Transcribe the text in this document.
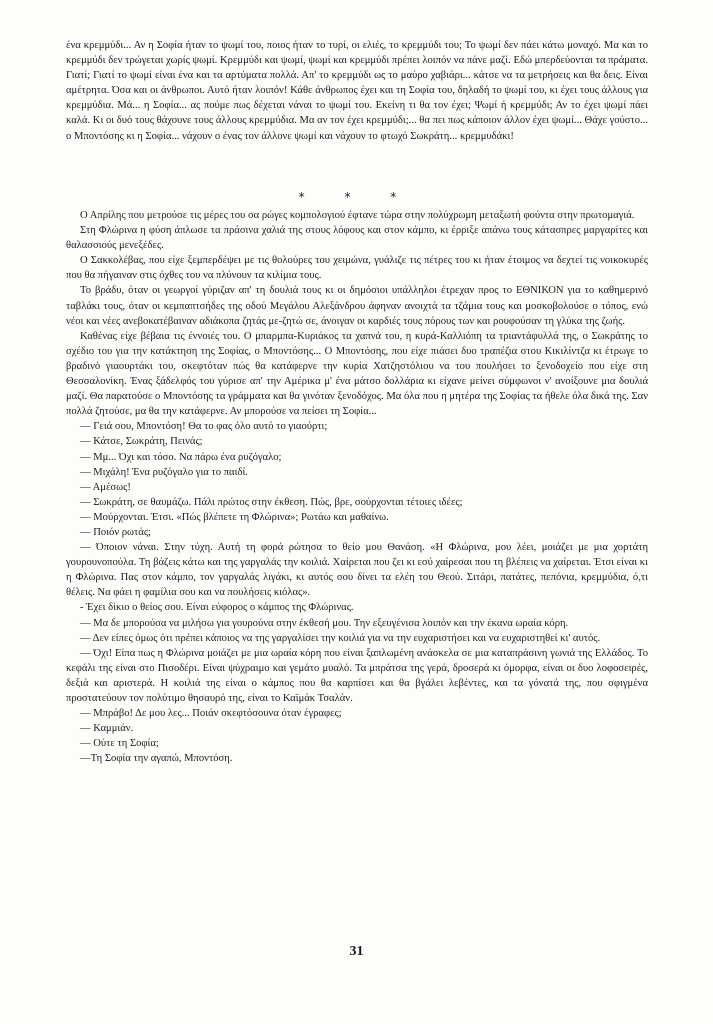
ένα κρεμμύδι... Αν η Σοφία ήταν το ψωμί του, ποιος ήταν το τυρί, οι ελιές, το κρεμμύδι του; Το ψωμί δεν πάει κάτω μοναχό. Μα και το κρεμμύδι δεν τρώγεται χωρίς ψωμί. Κρεμμύδι και ψωμί, ψωμί και κρεμμύδι πρέπει λοιπόν να πάνε μαζί. Εδώ μπερδεύονται τα πράματα. Γιατί; Γιατί το ψωμί είναι ένα και τα αρτύματα πολλά. Απ' το κρεμμύδι ως το μαύρο χαβιάρι... κάτσε να τα μετρήσεις και θα δεις. Είναι αμέτρητα. Όσα και οι άνθρωποι. Αυτό ήταν λοιπόν! Κάθε άνθρωπος έχει και τη Σοφία του, δηλαδή το ψωμί του, κι έχει τους άλλους για κρεμμύδια. Μά... η Σοφία... ας πούμε πως δέχεται νάναι το ψωμί του. Εκείνη τι θα τον έχει; Ψωμί ή κρεμμύδι; Αν το έχει ψωμί πάει καλά. Κι οι δυό τους θάχουνε τους άλλους κρεμμύδια. Μα αν τον έχει κρεμμύδι;... θα πει πως κάποιον άλλον έχει ψωμί... Θάχε γούστο... ο Μποντόσης κι η Σοφία... νάχουν ο ένας τον άλλονε ψωμί και νάχουν το φτωχό Σωκράτη... κρεμμυδάκι!

* * *

Ο Απρίλης που μετρούσε τις μέρες του σα ρώγες κομπολογιού έφτανε τώρα στην πολύχρωμη μεταξωτή φούντα στην πρωτομαγιά.

Στη Φλώρινα η φύση άπλωσε τα πράσινα χαλιά της στους λόφους και στον κάμπο, κι έρριξε απάνω τους κάτασπρες μαργαρίτες και θαλασσιούς μενεξέδες.

Ο Σακκολέβας, που είχε ξεμπερδέψει με τις θολούρες του χειμώνα, γυάλιζε τις πέτρες του κι ήταν έτοιμος να δεχτεί τις νοικοκυρές που θα πήγαιναν στις όχθες του να πλύνουν τα κιλίμια τους.

Το βράδυ, όταν οι γεωργοί γύριζαν απ' τη δουλιά τους κι οι δημόσιοι υπάλληλοι έτρεχαν προς το ΕΘΝΙΚΟΝ για το καθημερινό ταβλάκι τους, όταν οι κεμπαπτσήδες της οδού Μεγάλου Αλεξάνδρου άφηναν ανοιχτά τα τζάμια τους και μοσκοβολούσε ο τόπος, ενώ νέοι και νέες ανεβοκατέβαιναν αδιάκοπα ζητάς με-ζητώ σε, άνοιγαν οι καρδιές τους πόρους των και ρουφούσαν τη γλύκα της ζωής.

Καθένας είχε βέβαια τις έννοιές του. Ο μπαρμπα-Κυριάκος τα χαπνά του, η κυρά-Καλλιόπη τα τριαντάφυλλά της, ο Σωκράτης το σχέδιο του για την κατάκτηση της Σοφίας, ο Μποντόσης... Ο Μποντόσης, που είχε πιάσει δυο τραπέζια στου Κικιλίντζα κι έτρωγε το βραδινό γιαουρτάκι του, σκεφτόταν πώς θα κατάφερνε την κυρία Χατζηστόλιου να του πουλήσει το ξενοδοχείο που είχε στη Θεσσαλονίκη. Ένας ξάδελφός του γύρισε απ' την Αμέρικα μ' ένα μάτσο δολλάρια κι είχανε μείνει σύμφωνοι ν' ανοίξουνε μια δουλιά μαζί. Θα παρατούσε ο Μποντόσης τα γράμματα και θα γινόταν ξενοδόχος. Μα όλα που η μητέρα της Σοφίας τα ήθελε όλα δικά της. Σαν πολλά ζητούσε, μα θα την κατάφερνε. Αν μπορούσε να πείσει τη Σοφία...

— Γειά σου, Μποντόση! Θα το φας όλο αυτό το γιαούρτι;

— Κάτσε, Σωκράτη, Πεινάς;

— Μμ... Όχι και τόσο. Να πάρω ένα ρυζόγαλο;

— Μιχάλη! Ένα ρυζόγαλο για το παιδί.

— Αμέσως!

— Σωκράτη, σε θαυμάζω. Πάλι πρώτος στην έκθεση. Πώς, βρε, σούρχονται τέτοιες ιδέες;

— Μούρχονται. Έτσι. «Πώς βλέπετε τη Φλώρινα»; Ρωτάω και μαθαίνω.

— Ποιόν ρωτάς;

— Όποιον νάναι. Στην τύχη. Αυτή τη φορά ρώτησα το θείο μου Θανάση. «Η Φλώρινα, μου λέει, μοιάζει με μια χορτάτη γουρουνοπούλα. Τη βάζεις κάτω και της γαργαλάς την κοιλιά. Χαίρεται που ζει κι εσύ χαίρεσαι που τη βλέπεις να χαίρεται. Έτσι είναι κι η Φλώρινα. Πας στον κάμπο, τον γαργαλάς λιγάκι, κι αυτός σου δίνει τα ελέη του Θεού. Σιτάρι, πατάτες, πεπόνια, κρεμμύδια, ό,τι θέλεις. Να φάει η φαμίλια σου και να πουλήσεις κιόλας».

- Έχει δίκιο ο θείος σου. Είναι εύφορος ο κάμπος της Φλώρινας.

— Μα δε μπορούσα να μιλήσω για γουρούνα στην έκθεσή μου. Την εξευγένισα λοιπόν και την έκανα ωραία κόρη.

— Δεν είπες όμως ότι πρέπει κάποιος να της γαργαλίσει την κοιλιά για να την ευχαριστήσει και να ευχαριστηθεί κι' αυτός.

— Όχι! Είπα πως η Φλώρινα μοιάζει με μια ωραία κόρη που είναι ξαπλωμένη ανάσκελα σε μια καταπράσινη γωνιά της Ελλάδος. Το κεφάλι της είναι στο Πισοδέρι. Είναι ψύχραιμο και γεμάτο μυαλό. Τα μπράτσα της γερά, δροσερά κι όμορφα, είναι οι δυο λοφοσειρές, δεξιά και αριστερά. Η κοιλιά της είναι ο κάμπος που θα καρπίσει και θα βγάλει λεβέντες, και τα γόνατά της, που σφιγμένα προστατεύουν τον πολύτιμο θησαυρό της, είναι το Καϊμάκ Τσαλάν.

— Μπράβο! Δε μου λες... Ποιάν σκεφτόσουνα όταν έγραφες;

— Καμμιάν.

— Ούτε τη Σοφία;

—Τη Σοφία την αγαπώ, Μποντόση.

31
